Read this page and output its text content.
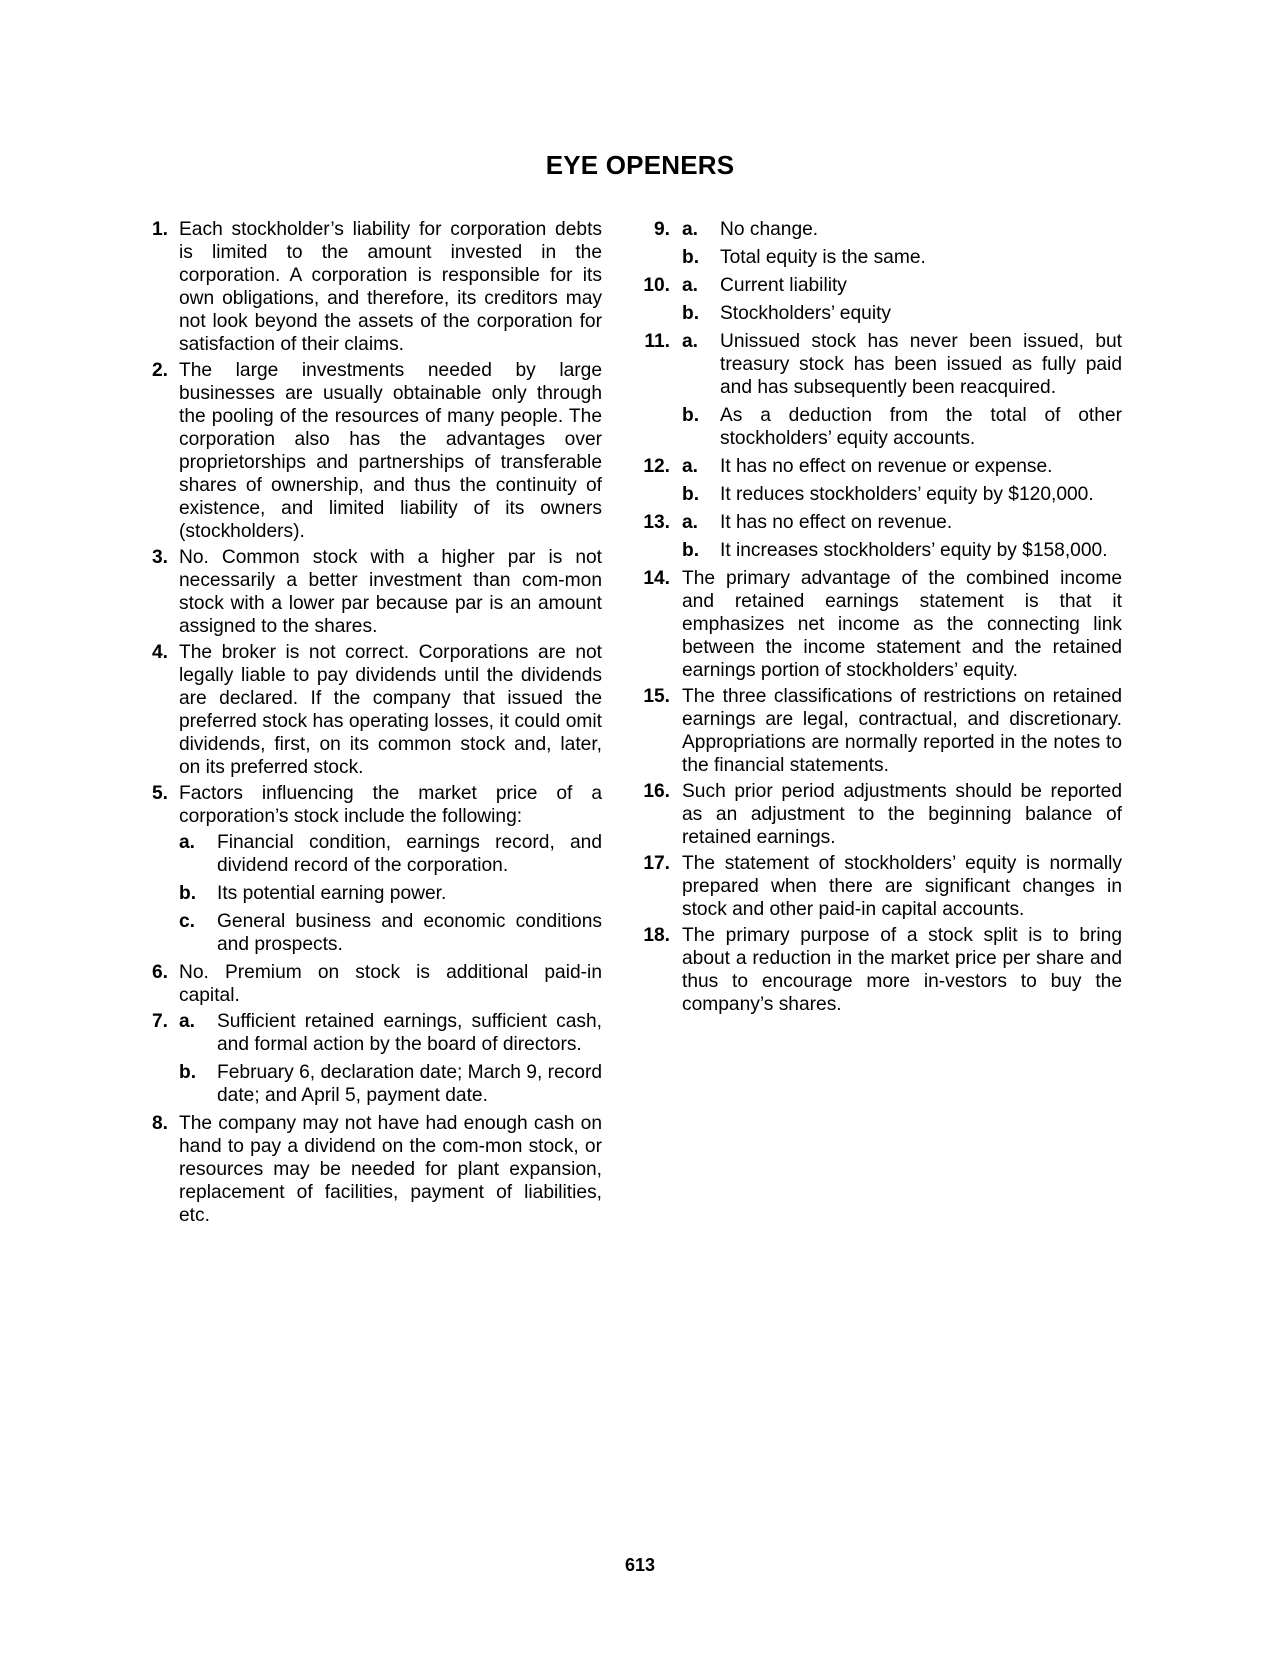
EYE OPENERS
1. Each stockholder’s liability for corporation debts is limited to the amount invested in the corporation. A corporation is responsible for its own obligations, and therefore, its creditors may not look beyond the assets of the corporation for satisfaction of their claims.
2. The large investments needed by large businesses are usually obtainable only through the pooling of the resources of many people. The corporation also has the advantages over proprietorships and partnerships of transferable shares of ownership, and thus the continuity of existence, and limited liability of its owners (stockholders).
3. No. Common stock with a higher par is not necessarily a better investment than com-mon stock with a lower par because par is an amount assigned to the shares.
4. The broker is not correct. Corporations are not legally liable to pay dividends until the dividends are declared. If the company that issued the preferred stock has operating losses, it could omit dividends, first, on its common stock and, later, on its preferred stock.
5. Factors influencing the market price of a corporation’s stock include the following:
a.	Financial condition, earnings record, and dividend record of the corporation.
b.	Its potential earning power.
c.	General business and economic conditions and prospects.
6. No. Premium on stock is additional paid-in capital.
7. a.	Sufficient retained earnings, sufficient cash, and formal action by the board of directors.
b.	February 6, declaration date; March 9, record date; and April 5, payment date.
8. The company may not have had enough cash on hand to pay a dividend on the com-mon stock, or resources may be needed for plant expansion, replacement of facilities, payment of liabilities, etc.
9. a.	No change.
b.	Total equity is the same.
10. a.	Current liability
b.	Stockholders’ equity
11. a.	Unissued stock has never been issued, but treasury stock has been issued as fully paid and has subsequently been reacquired.
b.	As a deduction from the total of other stockholders’ equity accounts.
12. a.	It has no effect on revenue or expense.
b.	It reduces stockholders’ equity by $120,000.
13. a.	It has no effect on revenue.
b.	It increases stockholders’ equity by $158,000.
14. The primary advantage of the combined income and retained earnings statement is that it emphasizes net income as the connecting link between the income statement and the retained earnings portion of stockholders’ equity.
15. The three classifications of restrictions on retained earnings are legal, contractual, and discretionary. Appropriations are normally reported in the notes to the financial statements.
16. Such prior period adjustments should be reported as an adjustment to the beginning balance of retained earnings.
17. The statement of stockholders’ equity is normally prepared when there are significant changes in stock and other paid-in capital accounts.
18. The primary purpose of a stock split is to bring about a reduction in the market price per share and thus to encourage more in-vestors to buy the company’s shares.
613
